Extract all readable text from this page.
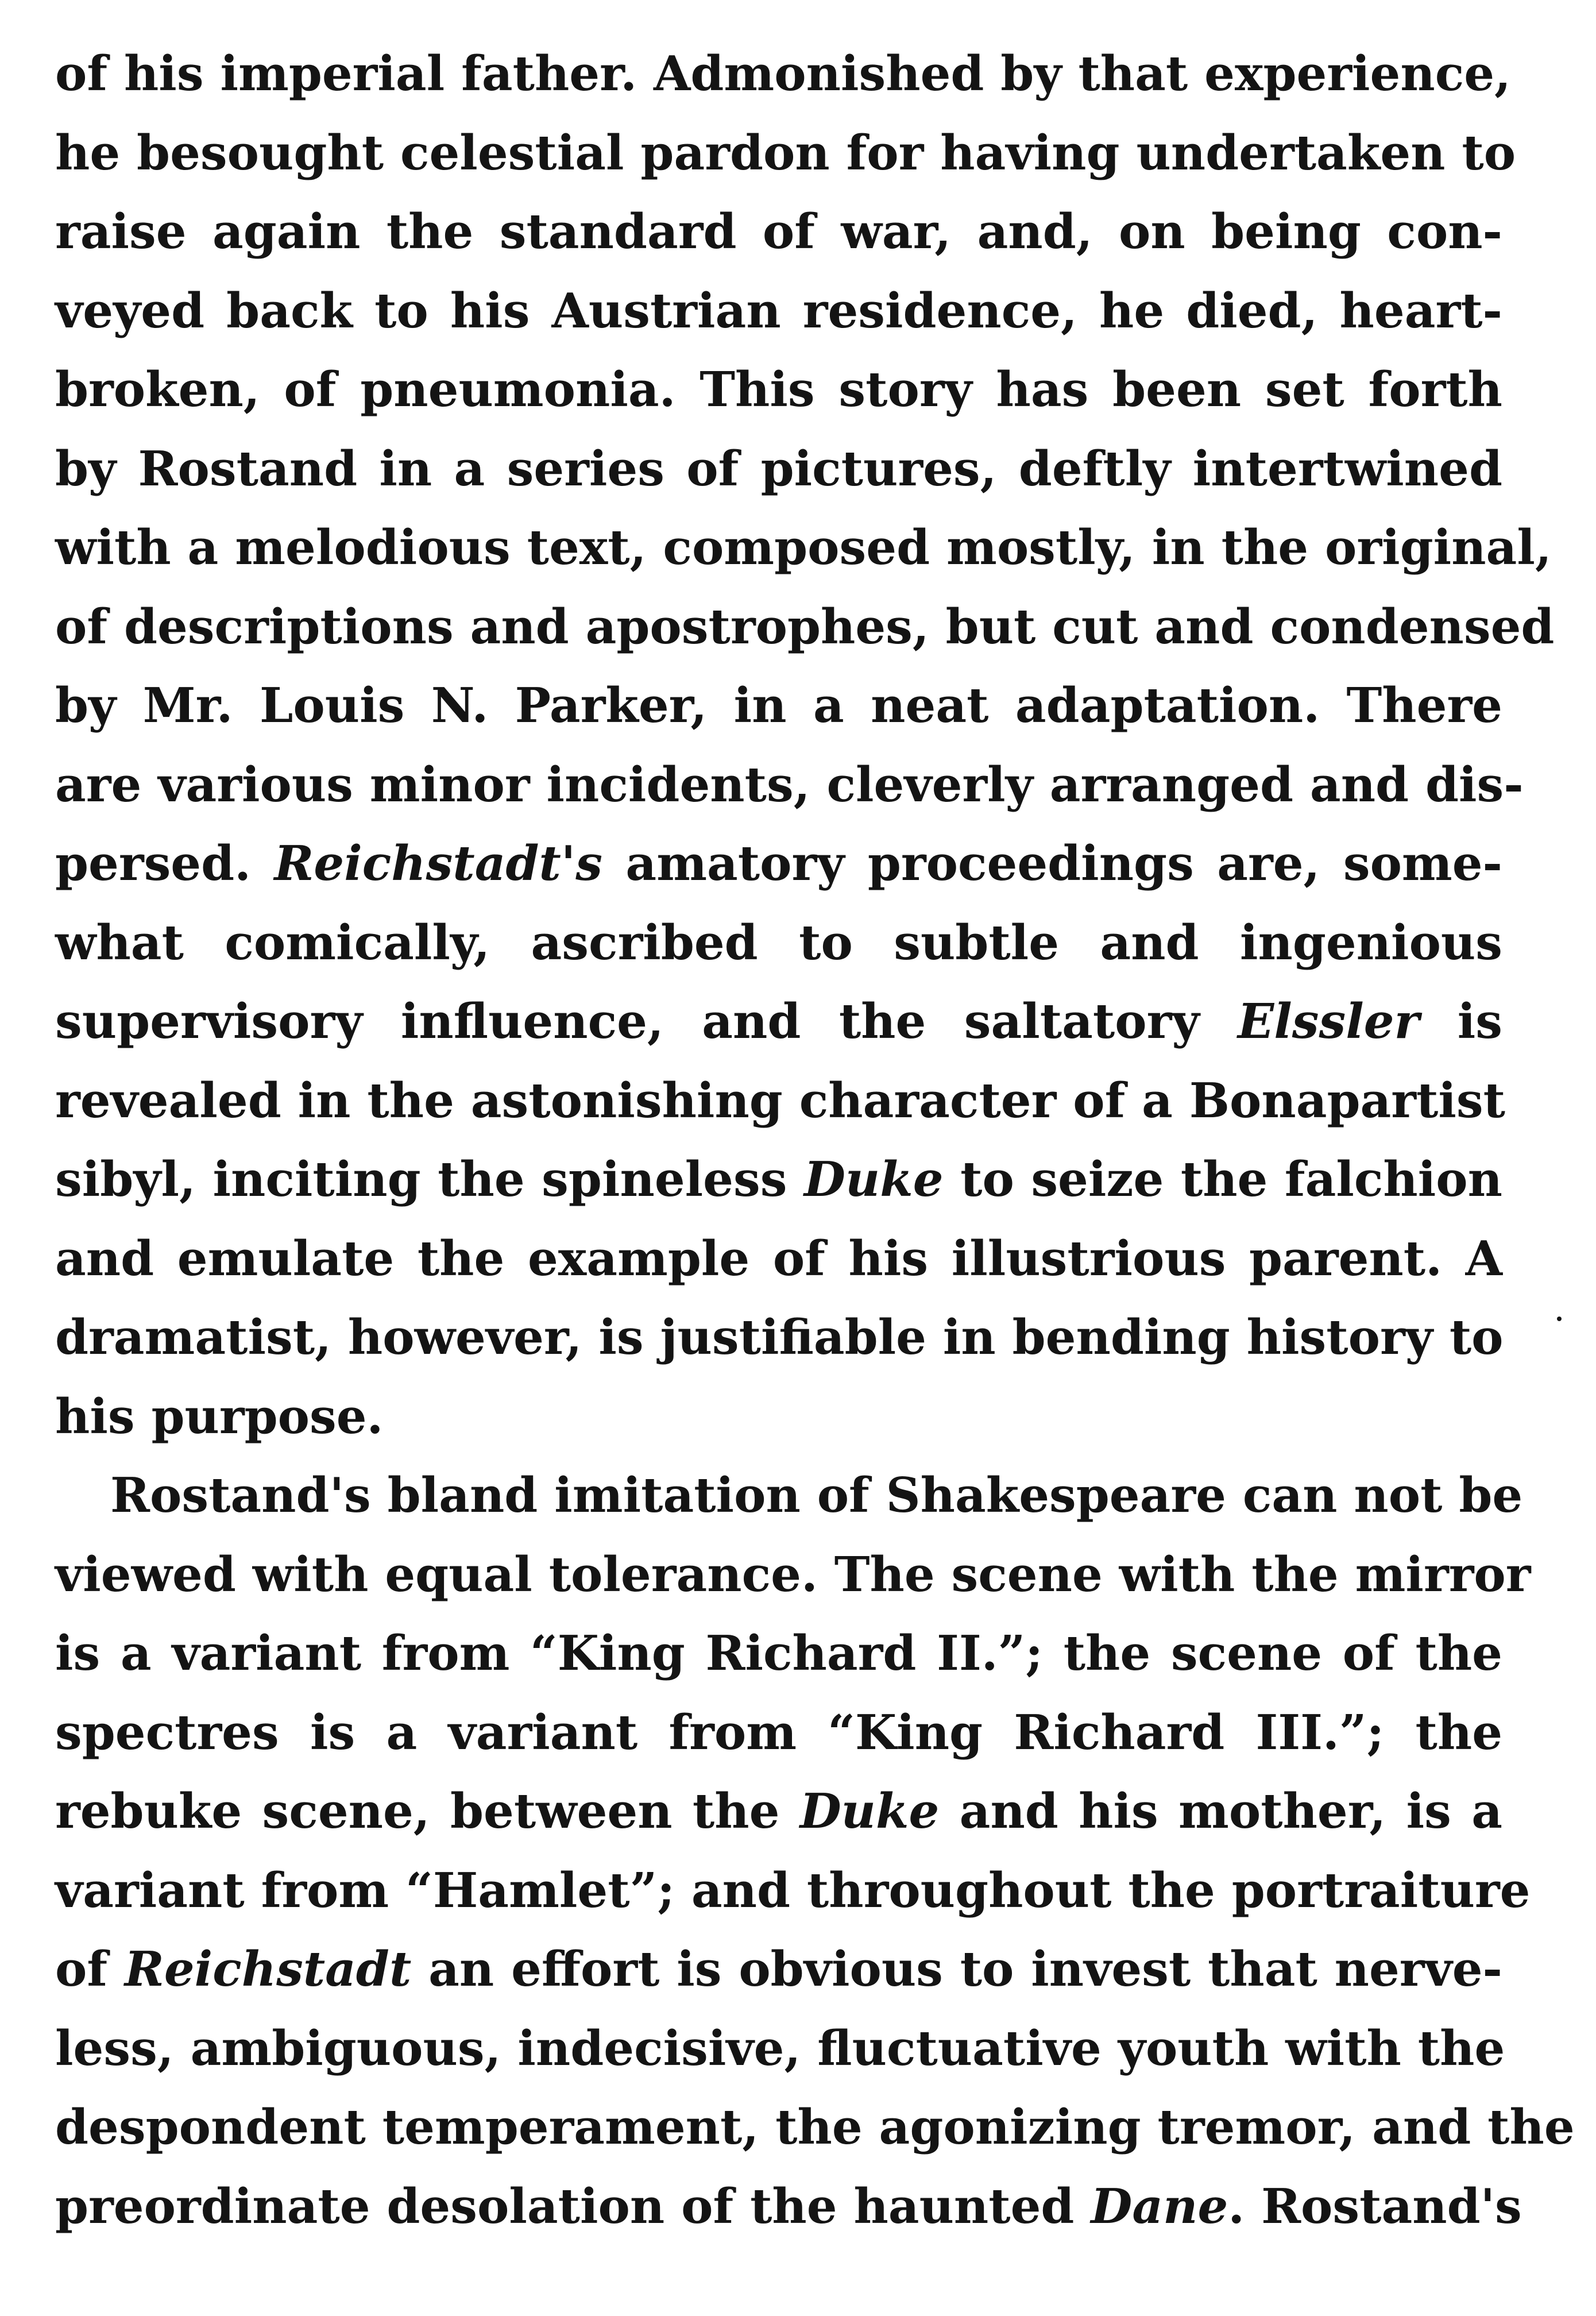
of his imperial father. Admonished by that experience,
he besought celestial pardon for having undertaken to
raise again the standard of war, and, on being con-
veyed back to his Austrian residence, he died, heart-
broken, of pneumonia. This story has been set forth
by Rostand in a series of pictures, deftly intertwined
with a melodious text, composed mostly, in the original,
of descriptions and apostrophes, but cut and condensed
by Mr. Louis N. Parker, in a neat adaptation. There
are various minor incidents, cleverly arranged and dis-
persed. Reichstadt's amatory proceedings are, some-
what comically, ascribed to subtle and ingenious
supervisory influence, and the saltatory Elssler is
revealed in the astonishing character of a Bonapartist
sibyl, inciting the spineless Duke to seize the falchion
and emulate the example of his illustrious parent. A
dramatist, however, is justifiable in bending history to
his purpose.
Rostand's bland imitation of Shakespeare can not be
viewed with equal tolerance. The scene with the mirror
is a variant from “King Richard II.”; the scene of the
spectres is a variant from “King Richard III.”; the
rebuke scene, between the Duke and his mother, is a
variant from “Hamlet”; and throughout the portraiture
of Reichstadt an effort is obvious to invest that nerve-
less, ambiguous, indecisive, fluctuative youth with the
despondent temperament, the agonizing tremor, and the
preordinate desolation of the haunted Dane. Rostand's
